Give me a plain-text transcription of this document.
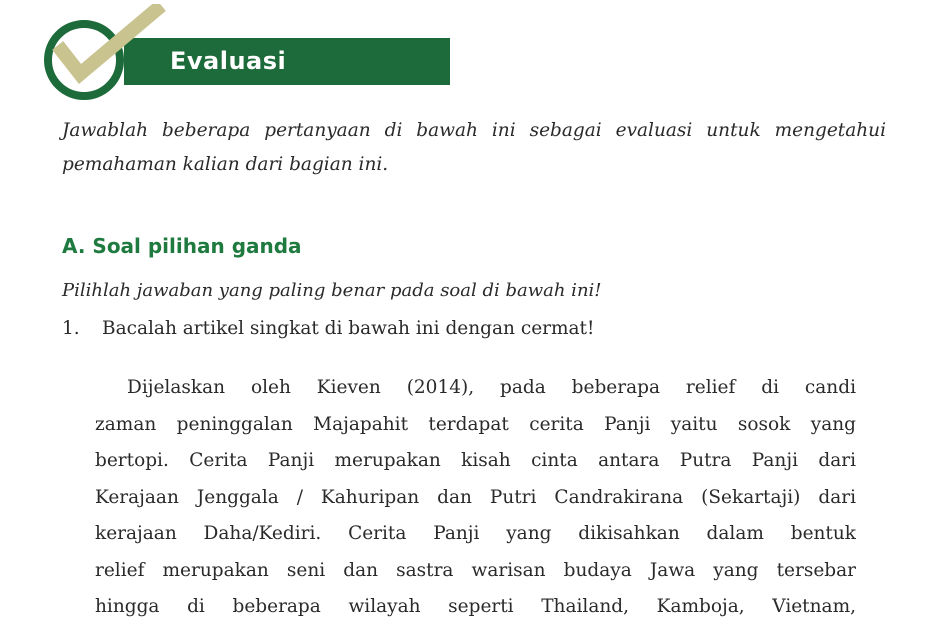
Evaluasi
Jawablah beberapa pertanyaan di bawah ini sebagai evaluasi untuk mengetahui pemahaman kalian dari bagian ini.
A. Soal pilihan ganda
Pilihlah jawaban yang paling benar pada soal di bawah ini!
1. Bacalah artikel singkat di bawah ini dengan cermat!
Dijelaskan oleh Kieven (2014), pada beberapa relief di candi
zaman peninggalan Majapahit terdapat cerita Panji yaitu sosok yang
bertopi. Cerita Panji merupakan kisah cinta antara Putra Panji dari
Kerajaan Jenggala / Kahuripan dan Putri Candrakirana (Sekartaji) dari
kerajaan Daha/Kediri. Cerita Panji yang dikisahkan dalam bentuk
relief merupakan seni dan sastra warisan budaya Jawa yang tersebar
hingga di beberapa wilayah seperti Thailand, Kamboja, Vietnam,
